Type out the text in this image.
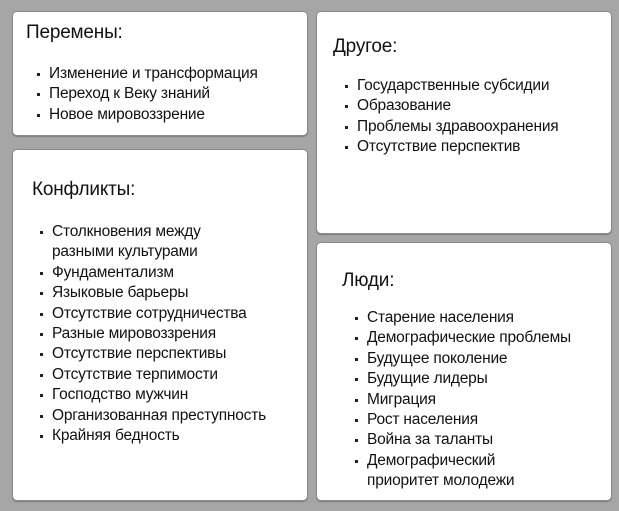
Перемены:
Изменение и трансформация
Переход к Веку знаний
Новое мировоззрение
Другое:
Государственные субсидии
Образование
Проблемы здравоохранения
Отсутствие перспектив
Конфликты:
Столкновения между
разными культурами
Фундаментализм
Языковые барьеры
Отсутствие сотрудничества
Разные мировоззрения
Отсутствие перспективы
Отсутствие терпимости
Господство мужчин
Организованная преступность
Крайняя бедность
Люди:
Старение населения
Демографические проблемы
Будущее поколение
Будущие лидеры
Миграция
Рост населения
Война за таланты
Демографический
приоритет молодежи
